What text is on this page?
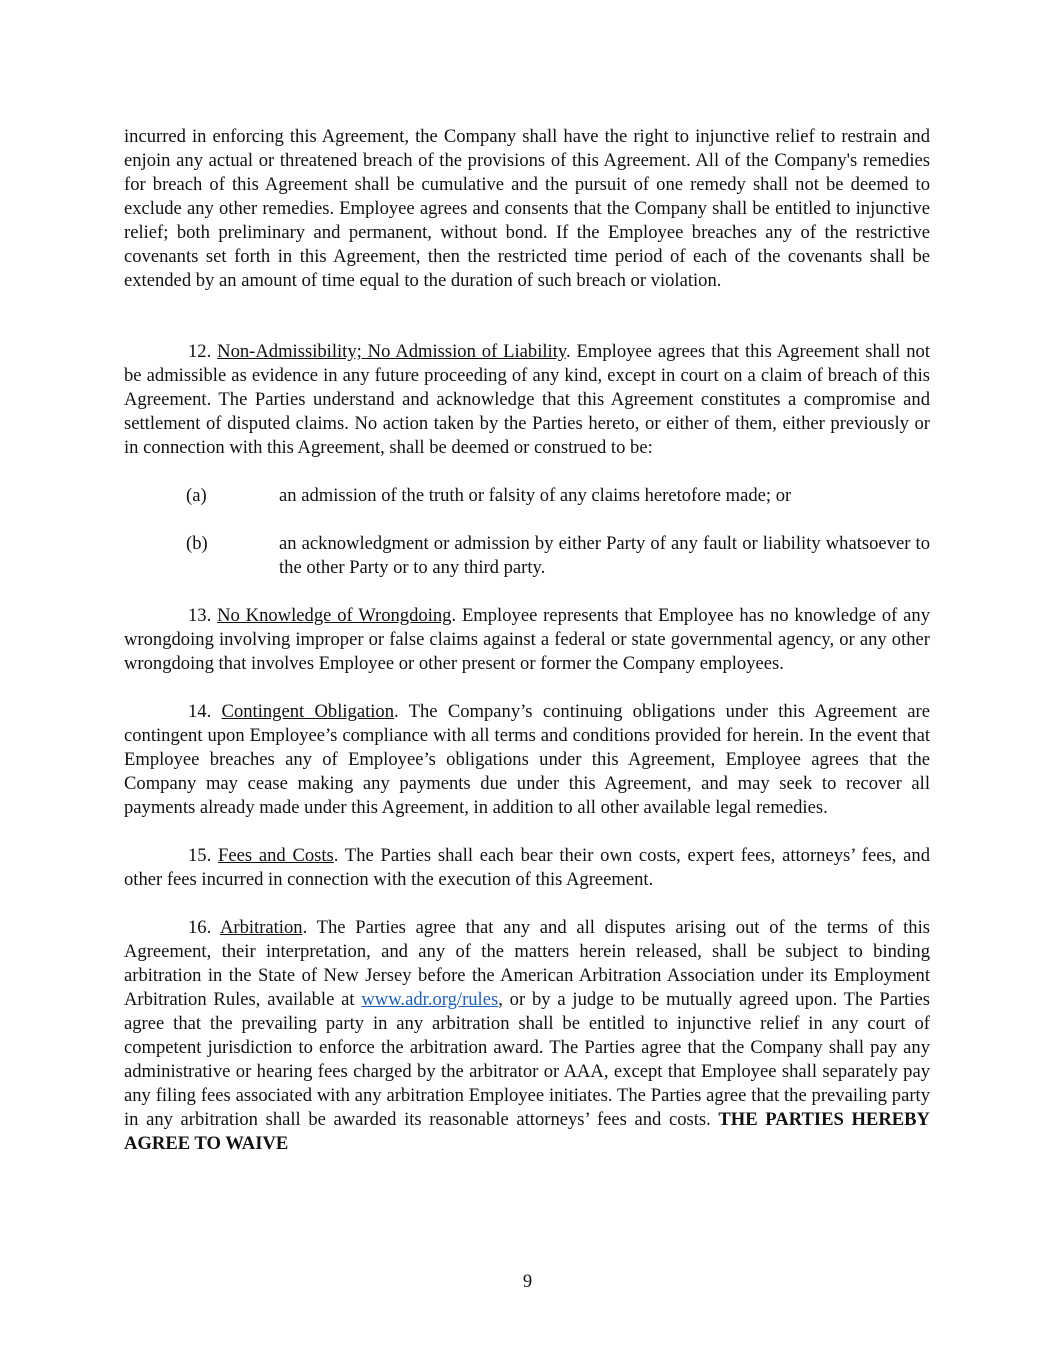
incurred in enforcing this Agreement, the Company shall have the right to injunctive relief to restrain and enjoin any actual or threatened breach of the provisions of this Agreement. All of the Company's remedies for breach of this Agreement shall be cumulative and the pursuit of one remedy shall not be deemed to exclude any other remedies. Employee agrees and consents that the Company shall be entitled to injunctive relief; both preliminary and permanent, without bond. If the Employee breaches any of the restrictive covenants set forth in this Agreement, then the restricted time period of each of the covenants shall be extended by an amount of time equal to the duration of such breach or violation.

12. Non-Admissibility; No Admission of Liability. Employee agrees that this Agreement shall not be admissible as evidence in any future proceeding of any kind, except in court on a claim of breach of this Agreement. The Parties understand and acknowledge that this Agreement constitutes a compromise and settlement of disputed claims. No action taken by the Parties hereto, or either of them, either previously or in connection with this Agreement, shall be deemed or construed to be:

(a)	an admission of the truth or falsity of any claims heretofore made; or
(b)	an acknowledgment or admission by either Party of any fault or liability whatsoever to the other Party or to any third party.

13. No Knowledge of Wrongdoing. Employee represents that Employee has no knowledge of any wrongdoing involving improper or false claims against a federal or state governmental agency, or any other wrongdoing that involves Employee or other present or former the Company employees.

14. Contingent Obligation. The Company’s continuing obligations under this Agreement are contingent upon Employee’s compliance with all terms and conditions provided for herein. In the event that Employee breaches any of Employee’s obligations under this Agreement, Employee agrees that the Company may cease making any payments due under this Agreement, and may seek to recover all payments already made under this Agreement, in addition to all other available legal remedies.

15. Fees and Costs. The Parties shall each bear their own costs, expert fees, attorneys’ fees, and other fees incurred in connection with the execution of this Agreement.

16. Arbitration. The Parties agree that any and all disputes arising out of the terms of this Agreement, their interpretation, and any of the matters herein released, shall be subject to binding arbitration in the State of New Jersey before the American Arbitration Association under its Employment Arbitration Rules, available at www.adr.org/rules, or by a judge to be mutually agreed upon. The Parties agree that the prevailing party in any arbitration shall be entitled to injunctive relief in any court of competent jurisdiction to enforce the arbitration award. The Parties agree that the Company shall pay any administrative or hearing fees charged by the arbitrator or AAA, except that Employee shall separately pay any filing fees associated with any arbitration Employee initiates. The Parties agree that the prevailing party in any arbitration shall be awarded its reasonable attorneys’ fees and costs. THE PARTIES HEREBY AGREE TO WAIVE

9
